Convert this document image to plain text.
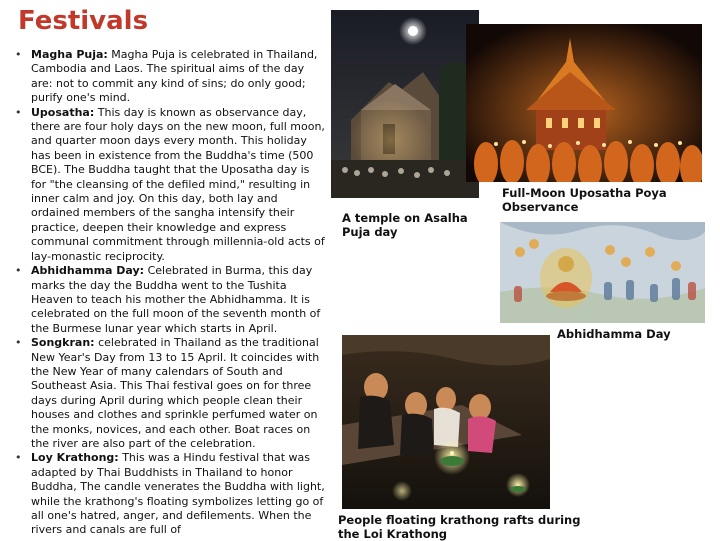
Festivals
• Magha Puja: Magha Puja is celebrated in Thailand, Cambodia and Laos. The spiritual aims of the day are: not to commit any kind of sins; do only good; purify one's mind.
• Uposatha: This day is known as observance day, there are four holy days on the new moon, full moon, and quarter moon days every month. This holiday has been in existence from the Buddha's time (500 BCE). The Buddha taught that the Uposatha day is for "the cleansing of the defiled mind," resulting in inner calm and joy. On this day, both lay and ordained members of the sangha intensify their practice, deepen their knowledge and express communal commitment through millennia-old acts of lay-monastic reciprocity.
• Abhidhamma Day: Celebrated in Burma, this day marks the day the Buddha went to the Tushita Heaven to teach his mother the Abhidhamma. It is celebrated on the full moon of the seventh month of the Burmese lunar year which starts in April.
• Songkran: celebrated in Thailand as the traditional New Year's Day from 13 to 15 April. It coincides with the New Year of many calendars of South and Southeast Asia. This Thai festival goes on for three days during April during which people clean their houses and clothes and sprinkle perfumed water on the monks, novices, and each other. Boat races on the river are also part of the celebration.
• Loy Krathong: This was a Hindu festival that was adapted by Thai Buddhists in Thailand to honor Buddha, The candle venerates the Buddha with light, while the krathong's floating symbolizes letting go of all one's hatred, anger, and defilements. When the rivers and canals are full of
A temple on Asalha Puja day
Full-Moon Uposatha Poya Observance
Abhidhamma Day
People floating krathong rafts during the Loi Krathong
